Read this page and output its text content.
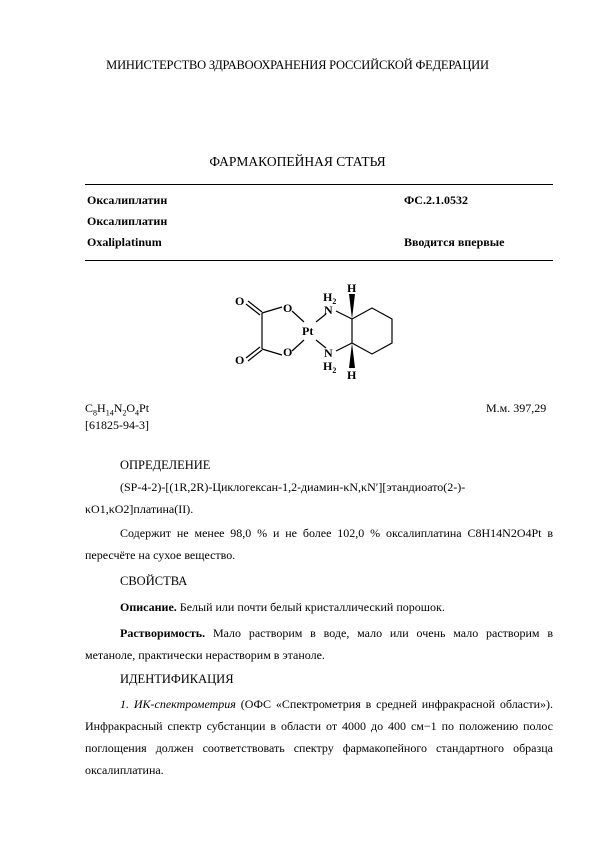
МИНИСТЕРСТВО ЗДРАВООХРАНЕНИЯ РОССИЙСКОЙ ФЕДЕРАЦИИ
ФАРМАКОПЕЙНАЯ СТАТЬЯ
Оксалиплатин	ФС.2.1.0532
Оксалиплатин
Oxaliplatinum	Вводится впервые
O
O
O
O
Pt
N
N
$H_2$
$H_2$
H
H
$C_8H_{14}N_2O_4Pt$	М.м. 397,29
[61825-94-3]
ОПРЕДЕЛЕНИЕ
(SP-4-2)-[(1R,2R)-Циклогексан-1,2-диамин-κN,κN′][этандиоато(2-)-κO1,κO2]платина(II).
Содержит не менее 98,0 % и не более 102,0 % оксалиплатина C8H14N2O4Pt в пересчёте на сухое вещество.
СВОЙСТВА
Описание. Белый или почти белый кристаллический порошок.
Растворимость. Мало растворим в воде, мало или очень мало растворим в метаноле, практически нерастворим в этаноле.
ИДЕНТИФИКАЦИЯ
1. ИК-спектрометрия (ОФС «Спектрометрия в средней инфракрасной области»). Инфракрасный спектр субстанции в области от 4000 до 400 см−1 по положению полос поглощения должен соответствовать спектру фармакопейного стандартного образца оксалиплатина.
